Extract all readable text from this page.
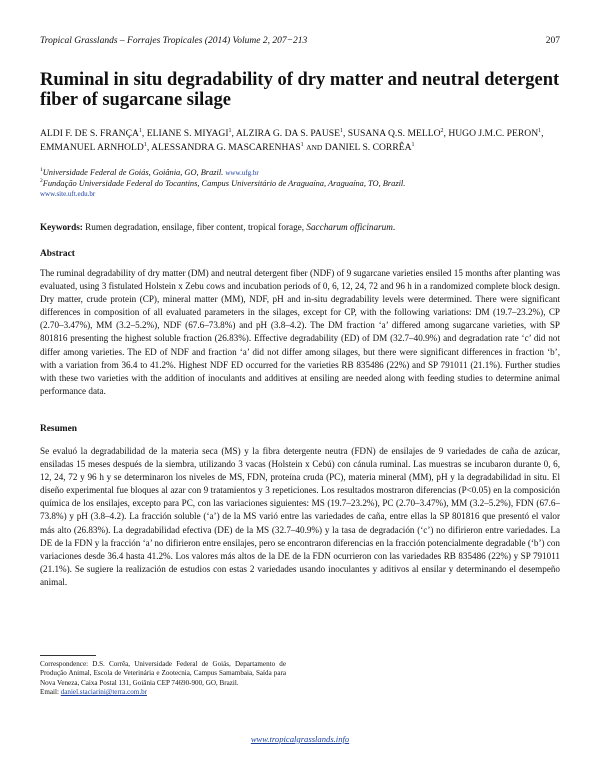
Tropical Grasslands – Forrajes Tropicales (2014) Volume 2, 207−213	207
Ruminal in situ degradability of dry matter and neutral detergent fiber of sugarcane silage
ALDI F. DE S. FRANÇA$^1$, ELIANE S. MIYAGI$^1$, ALZIRA G. DA S. PAUSE$^1$, SUSANA Q.S. MELLO$^2$, HUGO J.M.C. PERON$^1$, EMMANUEL ARNHOLD$^1$, ALESSANDRA G. MASCARENHAS$^1$ AND DANIEL S. CORRÊA$^1$
$^1$Universidade Federal de Goiás, Goiânia, GO, Brazil. www.ufg.br
$^2$Fundação Universidade Federal do Tocantins, Campus Universitário de Araguaína, Araguaína, TO, Brazil.
www.site.uft.edu.br
Keywords: Rumen degradation, ensilage, fiber content, tropical forage, Saccharum officinarum.
Abstract

The ruminal degradability of dry matter (DM) and neutral detergent fiber (NDF) of 9 sugarcane varieties ensiled 15 months after planting was evaluated, using 3 fistulated Holstein x Zebu cows and incubation periods of 0, 6, 12, 24, 72 and 96 h in a randomized complete block design. Dry matter, crude protein (CP), mineral matter (MM), NDF, pH and in-situ degradability levels were determined. There were significant differences in composition of all evaluated parameters in the silages, except for CP, with the following variations: DM (19.7–23.2%), CP (2.70–3.47%), MM (3.2–5.2%), NDF (67.6–73.8%) and pH (3.8–4.2). The DM fraction ‘a’ differed among sugarcane varieties, with SP 801816 presenting the highest soluble fraction (26.83%). Effective degradability (ED) of DM (32.7–40.9%) and degradation rate ‘c’ did not differ among varieties. The ED of NDF and fraction ‘a’ did not differ among silages, but there were significant differences in fraction ‘b’, with a variation from 36.4 to 41.2%. Highest NDF ED occurred for the varieties RB 835486 (22%) and SP 791011 (21.1%). Further studies with these two varieties with the addition of inoculants and additives at ensiling are needed along with feeding studies to determine animal performance data.

Resumen

Se evaluó la degradabilidad de la materia seca (MS) y la fibra detergente neutra (FDN) de ensilajes de 9 variedades de caña de azúcar, ensiladas 15 meses después de la siembra, utilizando 3 vacas (Holstein x Cebú) con cánula ruminal. Las muestras se incubaron durante 0, 6, 12, 24, 72 y 96 h y se determinaron los niveles de MS, FDN, proteína cruda (PC), materia mineral (MM), pH y la degradabilidad in situ. El diseño experimental fue bloques al azar con 9 tratamientos y 3 repeticiones. Los resultados mostraron diferencias (P<0.05) en la composición química de los ensilajes, excepto para PC, con las variaciones siguientes: MS (19.7–23.2%), PC (2.70–3.47%), MM (3.2–5.2%), FDN (67.6–73.8%) y pH (3.8–4.2). La fracción soluble (‘a’) de la MS varió entre las variedades de caña, entre ellas la SP 801816 que presentó el valor más alto (26.83%). La degradabilidad efectiva (DE) de la MS (32.7–40.9%) y la tasa de degradación (‘c’) no difirieron entre variedades. La DE de la FDN y la fracción ‘a’ no difirieron entre ensilajes, pero se encontraron diferencias en la fracción potencialmente degradable (‘b’) con variaciones desde 36.4 hasta 41.2%. Los valores más altos de la DE de la FDN ocurrieron con las variedades RB 835486 (22%) y SP 791011 (21.1%). Se sugiere la realización de estudios con estas 2 variedades usando inoculantes y aditivos al ensilar y determinando el desempeño animal.

Correspondence: D.S. Corrêa, Universidade Federal de Goiás, Departamento de Produção Animal, Escola de Veterinária e Zootecnia, Campus Samambaia, Saída para Nova Veneza, Caixa Postal 131, Goiânia CEP 74690-900, GO, Brazil.
Email: daniel.staciarini@terra.com.br
www.tropicalgrasslands.info
